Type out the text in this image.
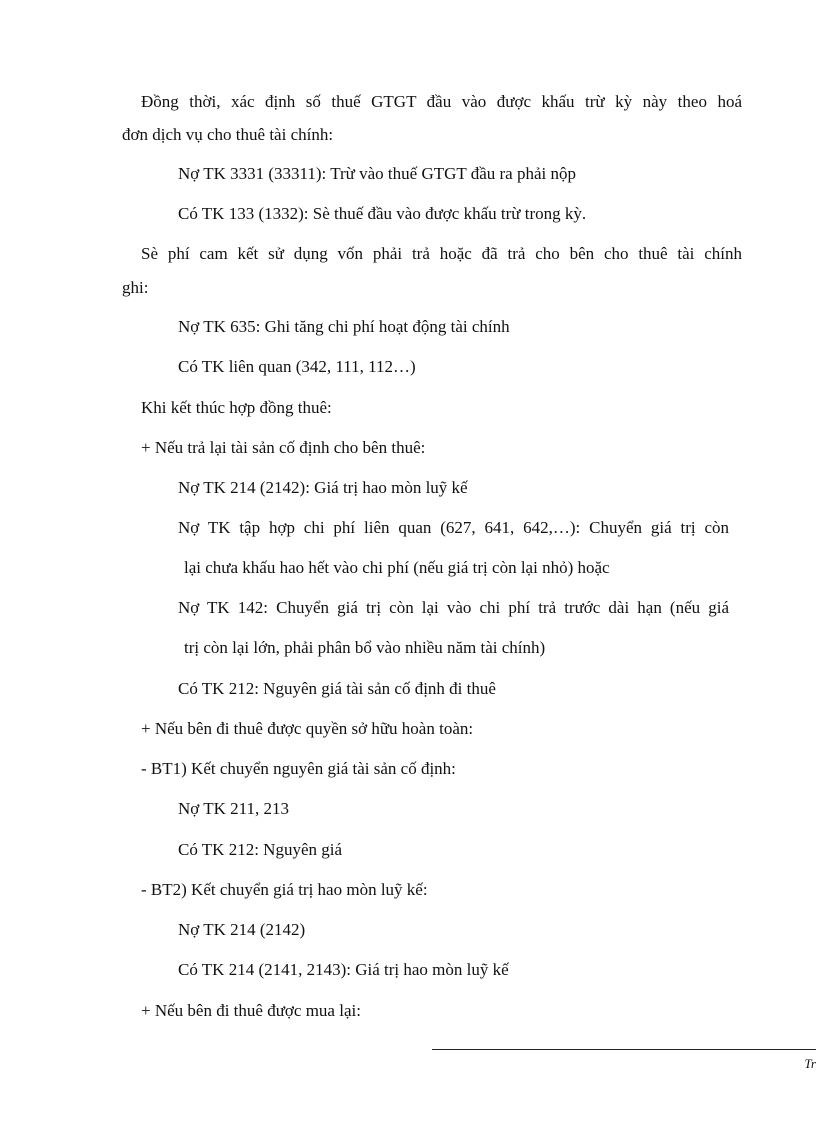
Đồng thời, xác định số thuế GTGT đầu vào được khấu trừ kỳ này theo hoá

đơn dịch vụ cho thuê tài chính:

Nợ TK 3331 (33311): Trừ vào thuế GTGT đầu ra phải nộp

Có TK 133 (1332): Sè thuế đầu vào được khấu trừ trong kỳ.

Sè phí cam kết sử dụng vốn phải trả hoặc đã trả cho bên cho thuê tài chính

ghi:

Nợ TK 635: Ghi tăng chi phí hoạt động tài chính

Có TK liên quan (342, 111, 112…)

Khi kết thúc hợp đồng thuê:

+ Nếu trả lại tài sản cố định cho bên thuê:

Nợ TK 214 (2142): Giá trị hao mòn luỹ kế

Nợ TK tập hợp chi phí liên quan (627, 641, 642,…): Chuyển giá trị còn

lại chưa khấu hao hết vào chi phí (nếu giá trị còn lại nhỏ) hoặc

Nợ TK 142: Chuyển giá trị còn lại vào chi phí trả trước dài hạn (nếu giá

trị còn lại lớn, phải phân bổ vào nhiều năm tài chính)

Có TK 212: Nguyên giá tài sản cố định đi thuê

+ Nếu bên đi thuê được quyền sở hữu hoàn toàn:

- BT1) Kết chuyển nguyên giá tài sản cố định:

Nợ TK 211, 213

Có TK 212: Nguyên giá

- BT2) Kết chuyển giá trị hao mòn luỹ kế:

Nợ TK 214 (2142)

Có TK 214 (2141, 2143): Giá trị hao mòn luỹ kế

+ Nếu bên đi thuê được mua lại:

Tr
